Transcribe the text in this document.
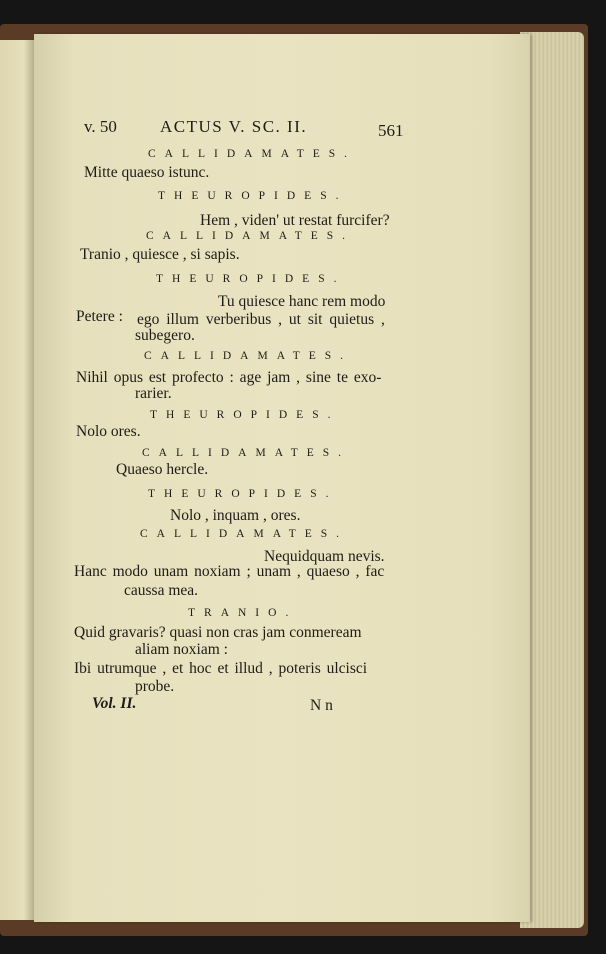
v. 50	ACTUS V. SC. II.	561
CALLIDAMATES.
Mitte quaeso istunc.
THEUROPIDES.
Hem , viden' ut restat furcifer?
CALLIDAMATES.
Tranio , quiesce , si sapis.
THEUROPIDES.
Tu quiesce hanc rem modo
Petere : ego illum verberibus , ut sit quietus ,
subegero.
CALLIDAMATES.
Nihil opus est profecto : age jam , sine te exo-
rarier.
THEUROPIDES.
Nolo ores.
CALLIDAMATES.
Quaeso hercle.
THEUROPIDES.
Nolo , inquam , ores.
CALLIDAMATES.
Nequidquam nevis.
Hanc modo unam noxiam ; unam , quaeso , fac
caussa mea.
TRANIO.
Quid gravaris? quasi non cras jam conmeream
aliam noxiam :
Ibi utrumque , et hoc et illud , poteris ulcisci
probe.
Vol. II.	N n
